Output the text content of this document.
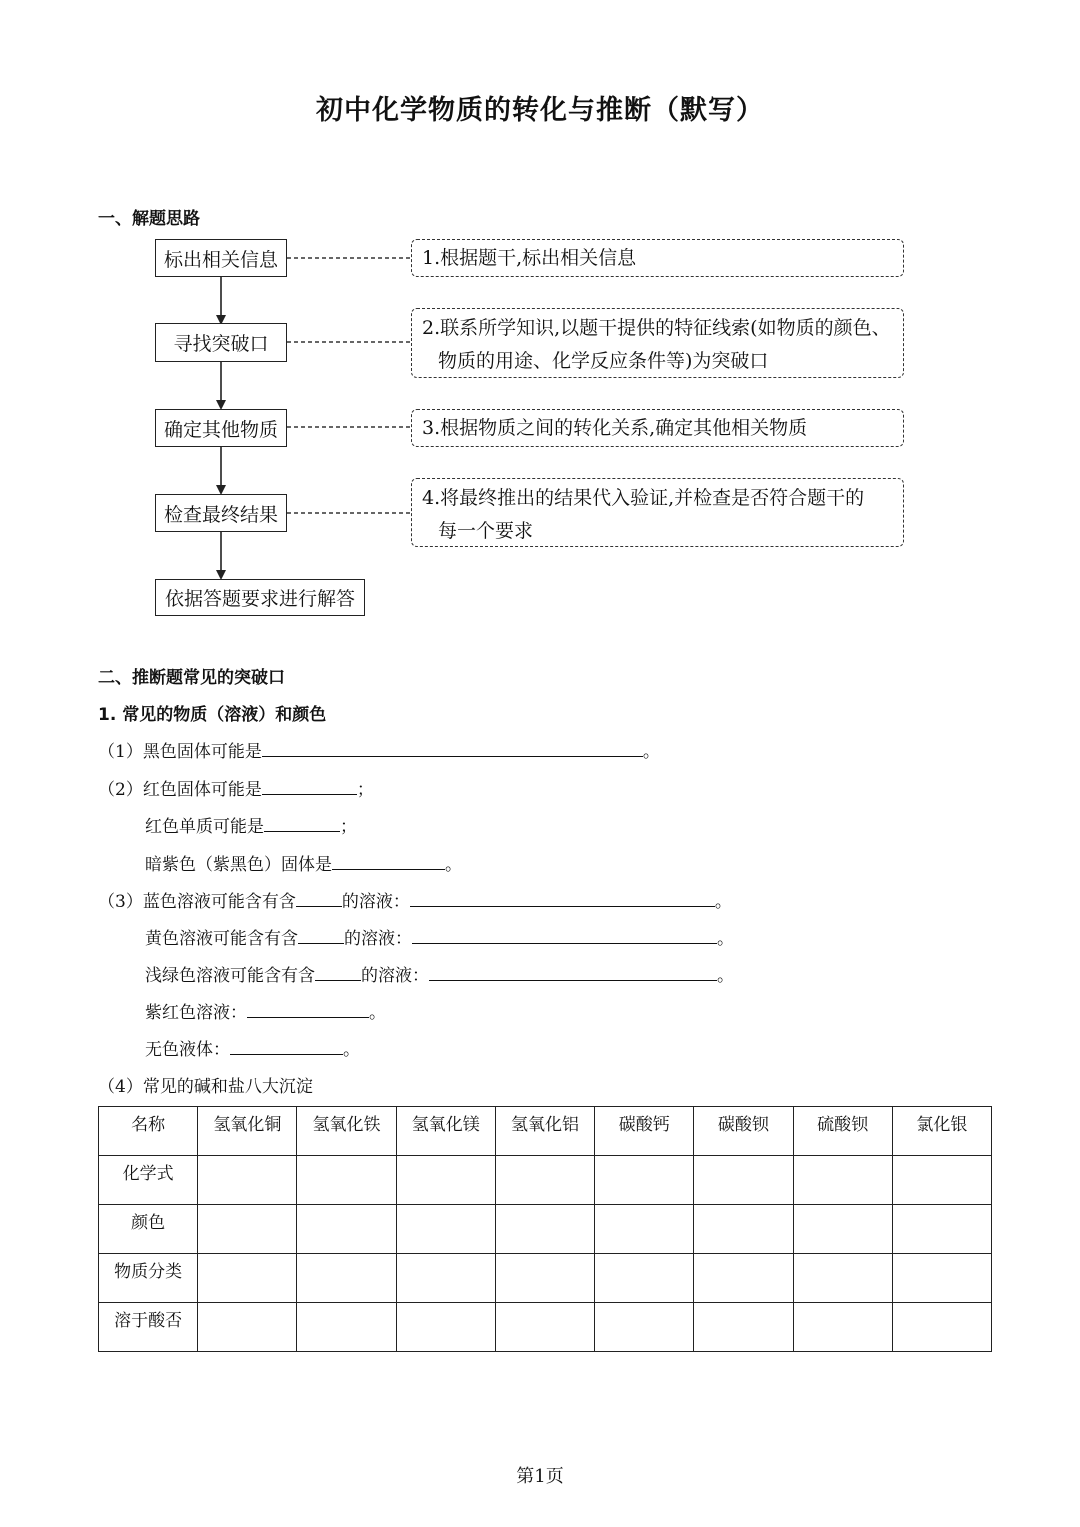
初中化学物质的转化与推断（默写）
一、解题思路
标出相关信息
寻找突破口
确定其他物质
检查最终结果
依据答题要求进行解答
1.根据题干,标出相关信息
2.联系所学知识,以题干提供的特征线索(如物质的颜色、
物质的用途、化学反应条件等)为突破口
3.根据物质之间的转化关系,确定其他相关物质
4.将最终推出的结果代入验证,并检查是否符合题干的
每一个要求
二、推断题常见的突破口
1. 常见的物质（溶液）和颜色
（1）黑色固体可能是	。
（2）红色固体可能是	；
红色单质可能是	；
暗紫色（紫黑色）固体是	。
（3）蓝色溶液可能含有含	的溶液：	。
黄色溶液可能含有含	的溶液：	。
浅绿色溶液可能含有含	的溶液：	。
紫红色溶液：	。
无色液体：	。
（4）常见的碱和盐八大沉淀
名称	氢氧化铜	氢氧化铁	氢氧化镁	氢氧化铝	碳酸钙	碳酸钡	硫酸钡	氯化银
化学式								
颜色								
物质分类								
溶于酸否								
第1页
